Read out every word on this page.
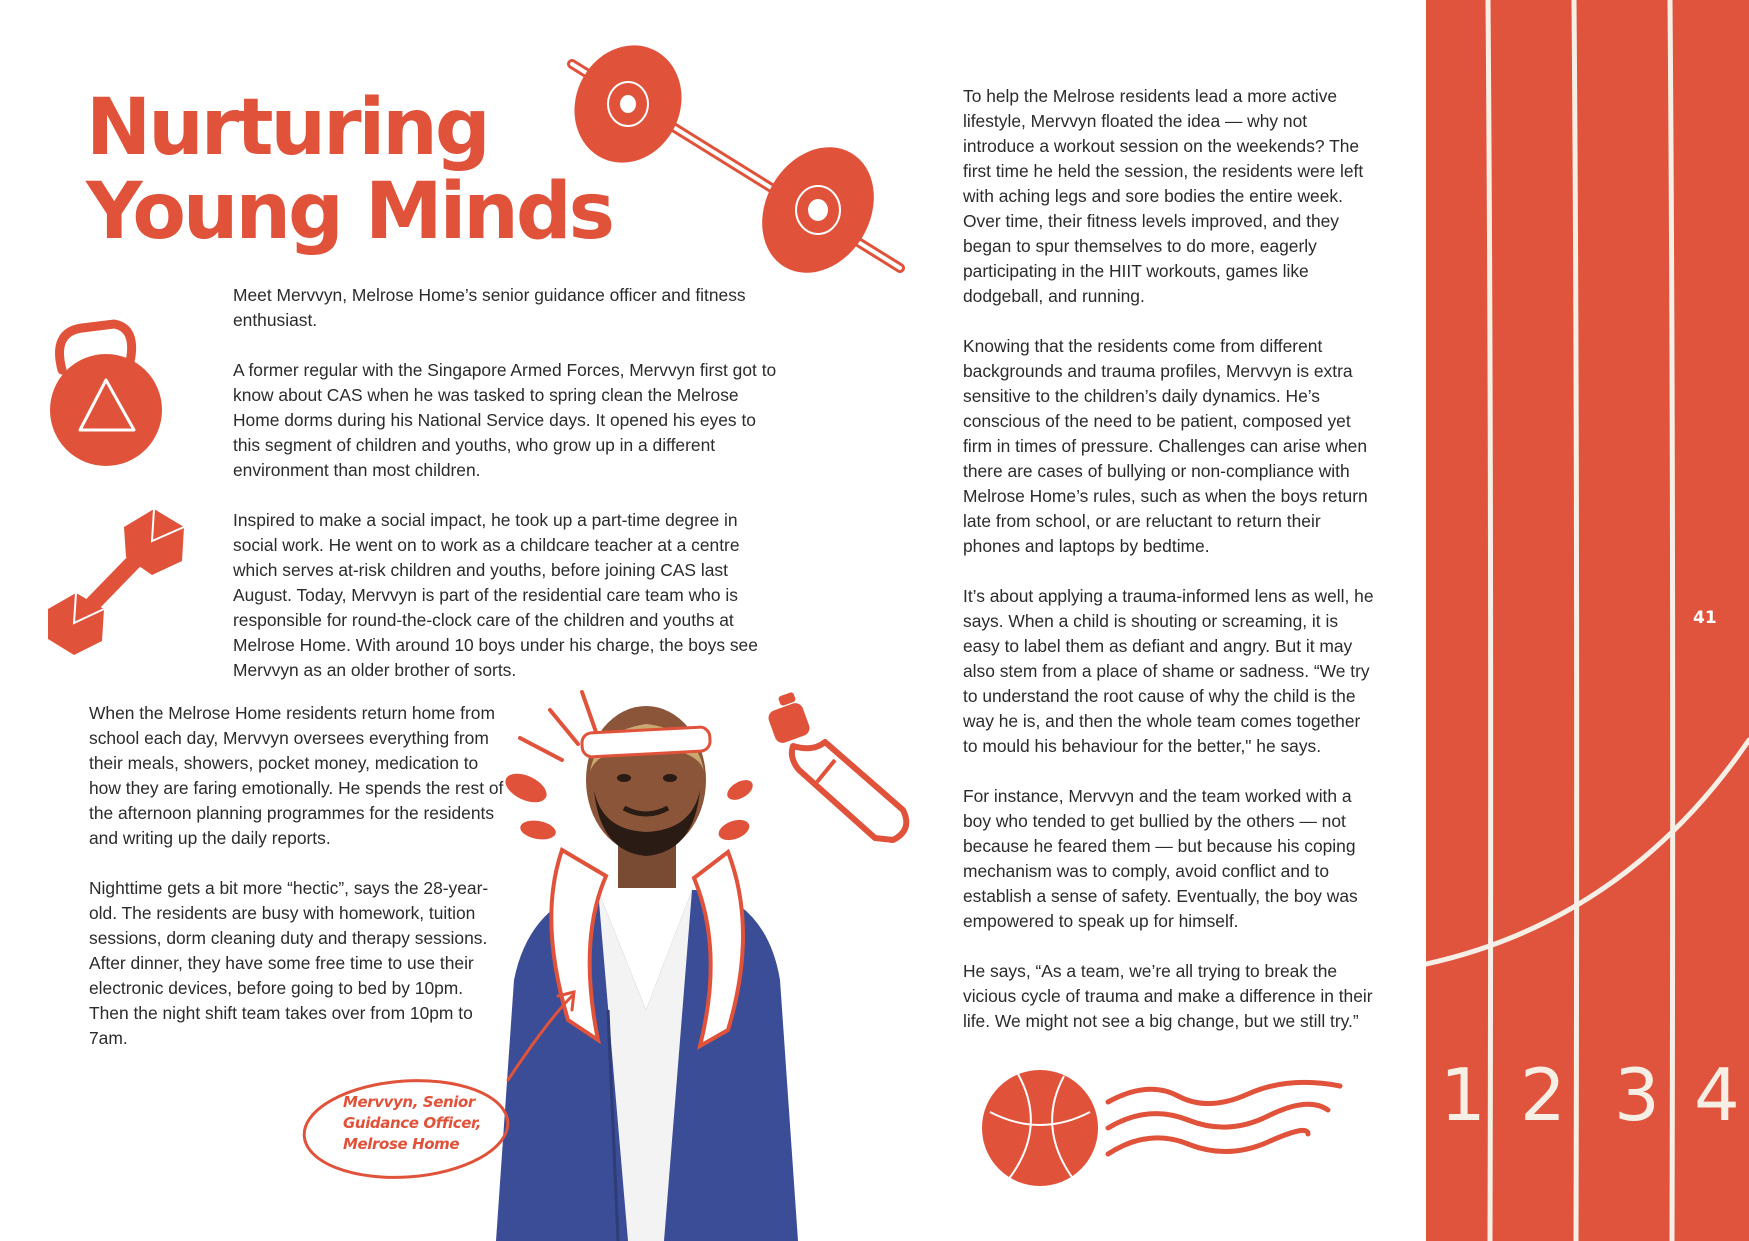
Nurturing
Young Minds

Meet Mervvyn, Melrose Home’s senior guidance officer and fitness enthusiast.

A former regular with the Singapore Armed Forces, Mervvyn first got to know about CAS when he was tasked to spring clean the Melrose Home dorms during his National Service days. It opened his eyes to this segment of children and youths, who grow up in a different environment than most children.

Inspired to make a social impact, he took up a part-time degree in social work. He went on to work as a childcare teacher at a centre which serves at-risk children and youths, before joining CAS last August. Today, Mervvyn is part of the residential care team who is responsible for round-the-clock care of the children and youths at Melrose Home. With around 10 boys under his charge, the boys see Mervvyn as an older brother of sorts.

When the Melrose Home residents return home from school each day, Mervvyn oversees everything from their meals, showers, pocket money, medication to how they are faring emotionally. He spends the rest of the afternoon planning programmes for the residents and writing up the daily reports.

Nighttime gets a bit more “hectic”, says the 28-year-old. The residents are busy with homework, tuition sessions, dorm cleaning duty and therapy sessions. After dinner, they have some free time to use their electronic devices, before going to bed by 10pm. Then the night shift team takes over from 10pm to 7am.

To help the Melrose residents lead a more active lifestyle, Mervvyn floated the idea — why not introduce a workout session on the weekends? The first time he held the session, the residents were left with aching legs and sore bodies the entire week. Over time, their fitness levels improved, and they began to spur themselves to do more, eagerly participating in the HIIT workouts, games like dodgeball, and running.

Knowing that the residents come from different backgrounds and trauma profiles, Mervvyn is extra sensitive to the children’s daily dynamics. He’s conscious of the need to be patient, composed yet firm in times of pressure. Challenges can arise when there are cases of bullying or non-compliance with Melrose Home’s rules, such as when the boys return late from school, or are reluctant to return their phones and laptops by bedtime.

It’s about applying a trauma-informed lens as well, he says. When a child is shouting or screaming, it is easy to label them as defiant and angry. But it may also stem from a place of shame or sadness. “We try to understand the root cause of why the child is the way he is, and then the whole team comes together to mould his behaviour for the better," he says.

For instance, Mervvyn and the team worked with a boy who tended to get bullied by the others — not because he feared them — but because his coping mechanism was to comply, avoid conflict and to establish a sense of safety. Eventually, the boy was empowered to speak up for himself.

He says, “As a team, we’re all trying to break the vicious cycle of trauma and make a difference in their life. We might not see a big change, but we still try.”

Mervvyn, Senior Guidance Officer, Melrose Home
1 2 3 4
41
